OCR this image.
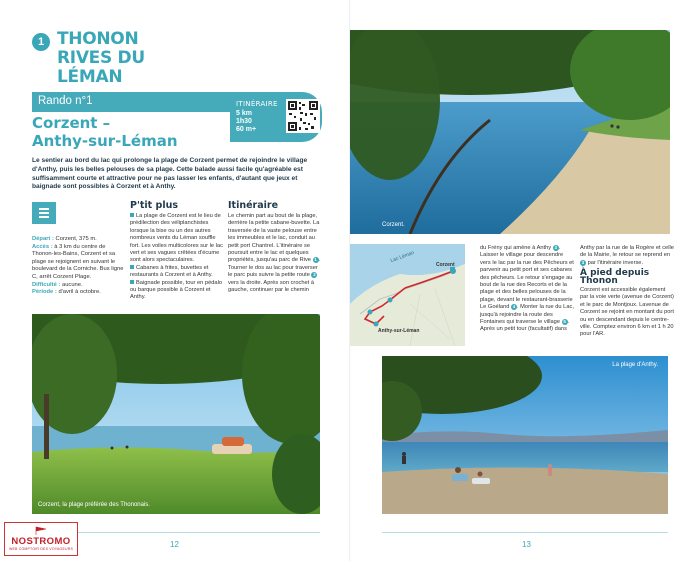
1 THONON RIVES DU LÉMAN
Rando n°1	ITINÉRAIRE
5 km
1h30
60 m+
Corzent –
Anthy-sur-Léman

Le sentier au bord du lac qui prolonge la plage de Corzent permet de rejoindre le village d'Anthy, puis les belles pelouses de sa plage. Cette balade aussi facile qu'agréable est suffisamment courte et attractive pour ne pas lasser les enfants, d'autant que jeux et baignade sont possibles à Corzent et à Anthy.

Départ : Corzent, 375 m.
Accès : à 3 km du centre de Thonon-les-Bains, Corzent et sa plage se rejoignent en suivant le boulevard de la Corniche. Bus ligne C, arrêt Corzent Plage.
Difficulté : aucune.
Période : d'avril à octobre.
P'tit plus

La plage de Corzent est le lieu de prédilection des véliplanchistes lorsque la bise ou un des autres nombreux vents du Léman souffle fort. Les voiles multicolores sur le lac vert et ses vagues crêtées d'écume sont alors spectaculaires.
Cabanes à frites, buvettes et restaurants à Corzent et à Anthy.
Baignade possible, tour en pédalo ou barque possible à Corzent et Anthy.

Itinéraire

Le chemin part au bout de la plage, derrière la petite cabane-buvette. La traversée de la vaste pelouse entre les immeubles et le lac, conduit au petit port Chantrel. L'itinéraire se poursuit entre le lac et quelques propriétés, jusqu'au parc de Rive 1 . Tourner le dos au lac pour traverser le parc puis suivre la petite route 2 vers la droite. Après son crochet à gauche, continuer par le chemin

Corzent, la plage préférée des Thononais.
12
NOSTROMO
WEB COMPTOIR DES VOYAGEURS
Corzent.
Lac Léman
Corzent
Anthy-sur-Léman
du Frény qui amène à Anthy 3 . Laisser le village pour descendre vers le lac par la rue des Pêcheurs et parvenir au petit port et ses cabanes des pêcheurs. Le retour s'engage au bout de la rue des Recorts et de la plage et des belles pelouses de la plage, devant le restaurant-brasserie Le Goéland 4 . Monter la rue du Lac, jusqu'à rejoindre la route des Fontaines qui traverse le village 5 . Après un petit tour (facultatif) dans
Anthy par la rue de la Rogère et celle de la Mairie, le retour se reprend en 3 par l'itinéraire inverse.
À pied depuis Thonon
Corzent est accessible également par la voie verte (avenue de Corzent) et le parc de Montjoux. Lavenue de Corzent se rejoint en montant du port ou en descendant depuis le centre-ville. Comptez environ 6 km et 1 h 20 pour l'AR.
La plage d'Anthy.
13
